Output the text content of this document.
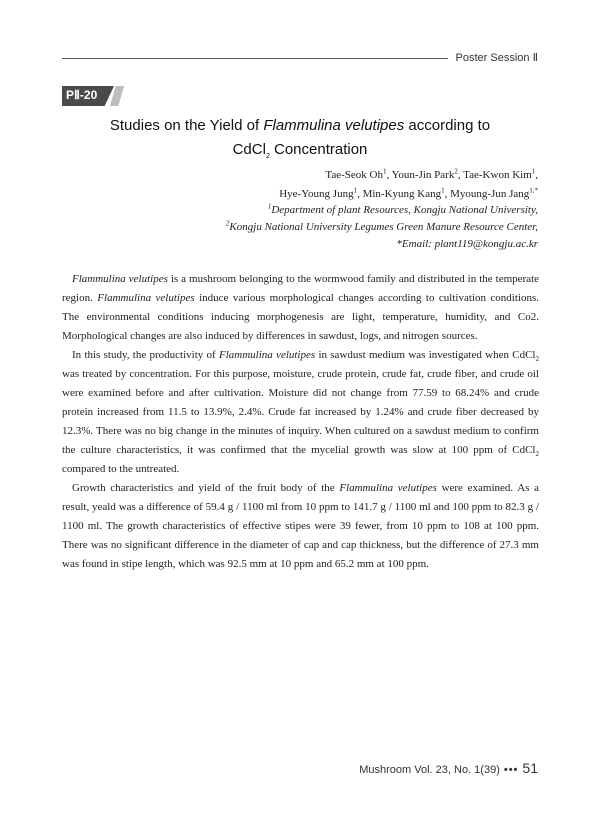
Poster Session Ⅱ
PⅡ-20
Studies on the Yield of Flammulina velutipes according to
CdCl$_2$ Concentration
Tae-Seok Oh$^1$, Youn-Jin Park$^2$, Tae-Kwon Kim$^1$,
Hye-Young Jung$^1$, Min-Kyung Kang$^1$, Myoung-Jun Jang$^{1,*}$
$^1$Department of plant Resources, Kongju National University,
$^2$Kongju National University Legumes Green Manure Resource Center,
*Email: plant119@kongju.ac.kr

Flammulina velutipes is a mushroom belonging to the wormwood family and distributed in the temperate region. Flammulina velutipes induce various morphological changes according to cultivation conditions. The environmental conditions inducing morphogenesis are light, temperature, humidity, and Co2. Morphological changes are also induced by differences in sawdust, logs, and nitrogen sources.

In this study, the productivity of Flammulina velutipes in sawdust medium was investigated when CdCl$_2$ was treated by concentration. For this purpose, moisture, crude protein, crude fat, crude fiber, and crude oil were examined before and after cultivation. Moisture did not change from 77.59 to 68.24% and crude protein increased from 11.5 to 13.9%, 2.4%. Crude fat increased by 1.24% and crude fiber decreased by 12.3%. There was no big change in the minutes of inquiry. When cultured on a sawdust medium to confirm the culture characteristics, it was confirmed that the mycelial growth was slow at 100 ppm of CdCl$_2$ compared to the untreated.

Growth characteristics and yield of the fruit body of the Flammulina velutipes were examined. As a result, yeald was a difference of 59.4 g / 1100 ml from 10 ppm to 141.7 g / 1100 ml and 100 ppm to 82.3 g / 1100 ml. The growth characteristics of effective stipes were 39 fewer, from 10 ppm to 108 at 100 ppm. There was no significant difference in the diameter of cap and cap thickness, but the difference of 27.3 mm was found in stipe length, which was 92.5 mm at 10 ppm and 65.2 mm at 100 ppm.

Mushroom Vol. 23, No. 1(39) ••• 51
